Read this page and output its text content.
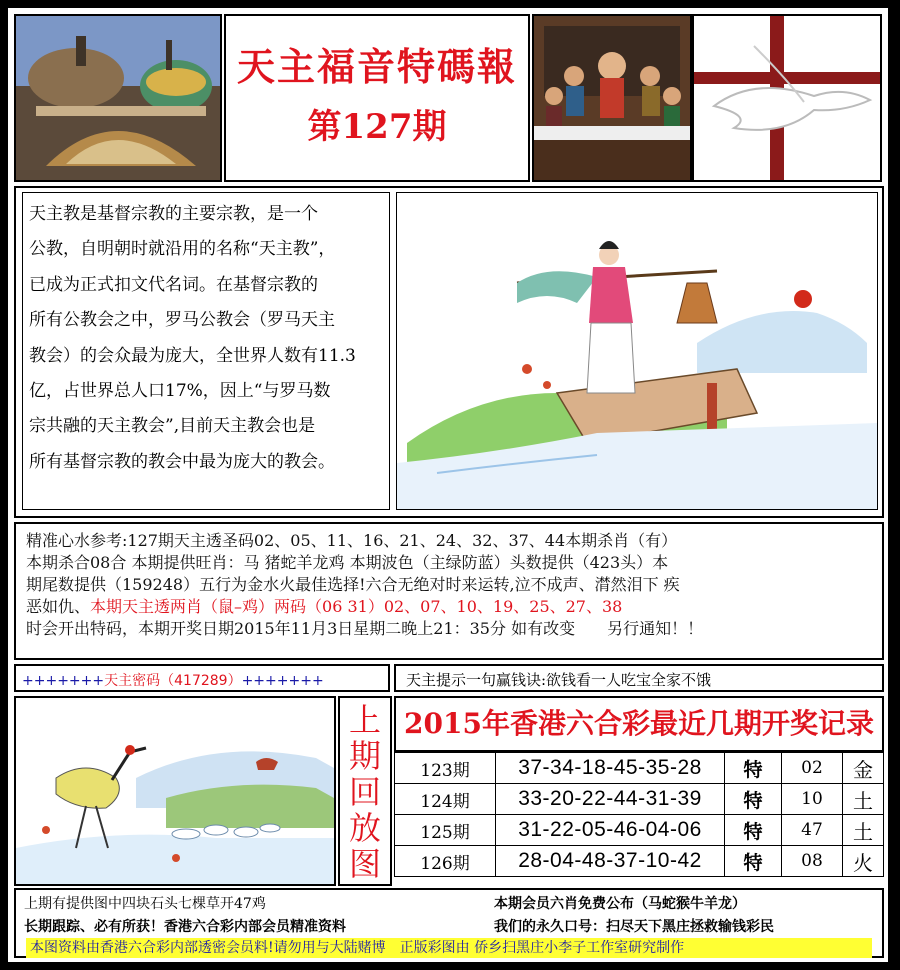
天主福音特碼報
第127期
天主教是基督宗教的主要宗教，是一个
公教，自明朝时就沿用的名称“天主教”，
已成为正式扣文代名词。在基督宗教的
所有公教会之中，罗马公教会（罗马天主
教会）的会众最为庞大，全世界人数有11.3
亿，占世界总人口17%，因上“与罗马数
宗共融的天主教会”,目前天主教会也是
所有基督宗教的教会中最为庞大的教会。
精准心水参考:127期天主透圣码02、05、11、16、21、24、32、37、44本期杀肖（有）
本期杀合08合 本期提供旺肖：马 猪蛇羊龙鸡 本期波色（主绿防蓝）头数提供（423头）本
期尾数提供（159248）五行为金水火最佳选择!六合无绝对时来运转,泣不成声、潸然泪下 疾
恶如仇、本期天主透两肖（鼠–鸡）两码（06 31）02、07、10、19、25、27、38
时会开出特码，本期开奖日期2015年11月3日星期二晚上21：35分 如有改变　　另行通知！！
+++++++天主密码（417289）+++++++	天主提示一句赢钱诀:欲钱看一人吃宝全家不饿
上
期
回
放
图
2015年香港六合彩最近几期开奖记录
123期	37-34-18-45-35-28	特	02	金
124期	33-20-22-44-31-39	特	10	土
125期	31-22-05-46-04-06	特	47	土
126期	28-04-48-37-10-42	特	08	火
上期有提供图中四块石头七棵草开47鸡	本期会员六肖免费公布（马蛇猴牛羊龙）
长期跟踪、必有所获！香港六合彩内部会员精准资料	我们的永久口号：扫尽天下黑庄拯救输钱彩民
本图资料由香港六合彩内部透密会员料!请勿用与大陆赌博　正版彩图由 侨乡扫黑庄小李子工作室研究制作
